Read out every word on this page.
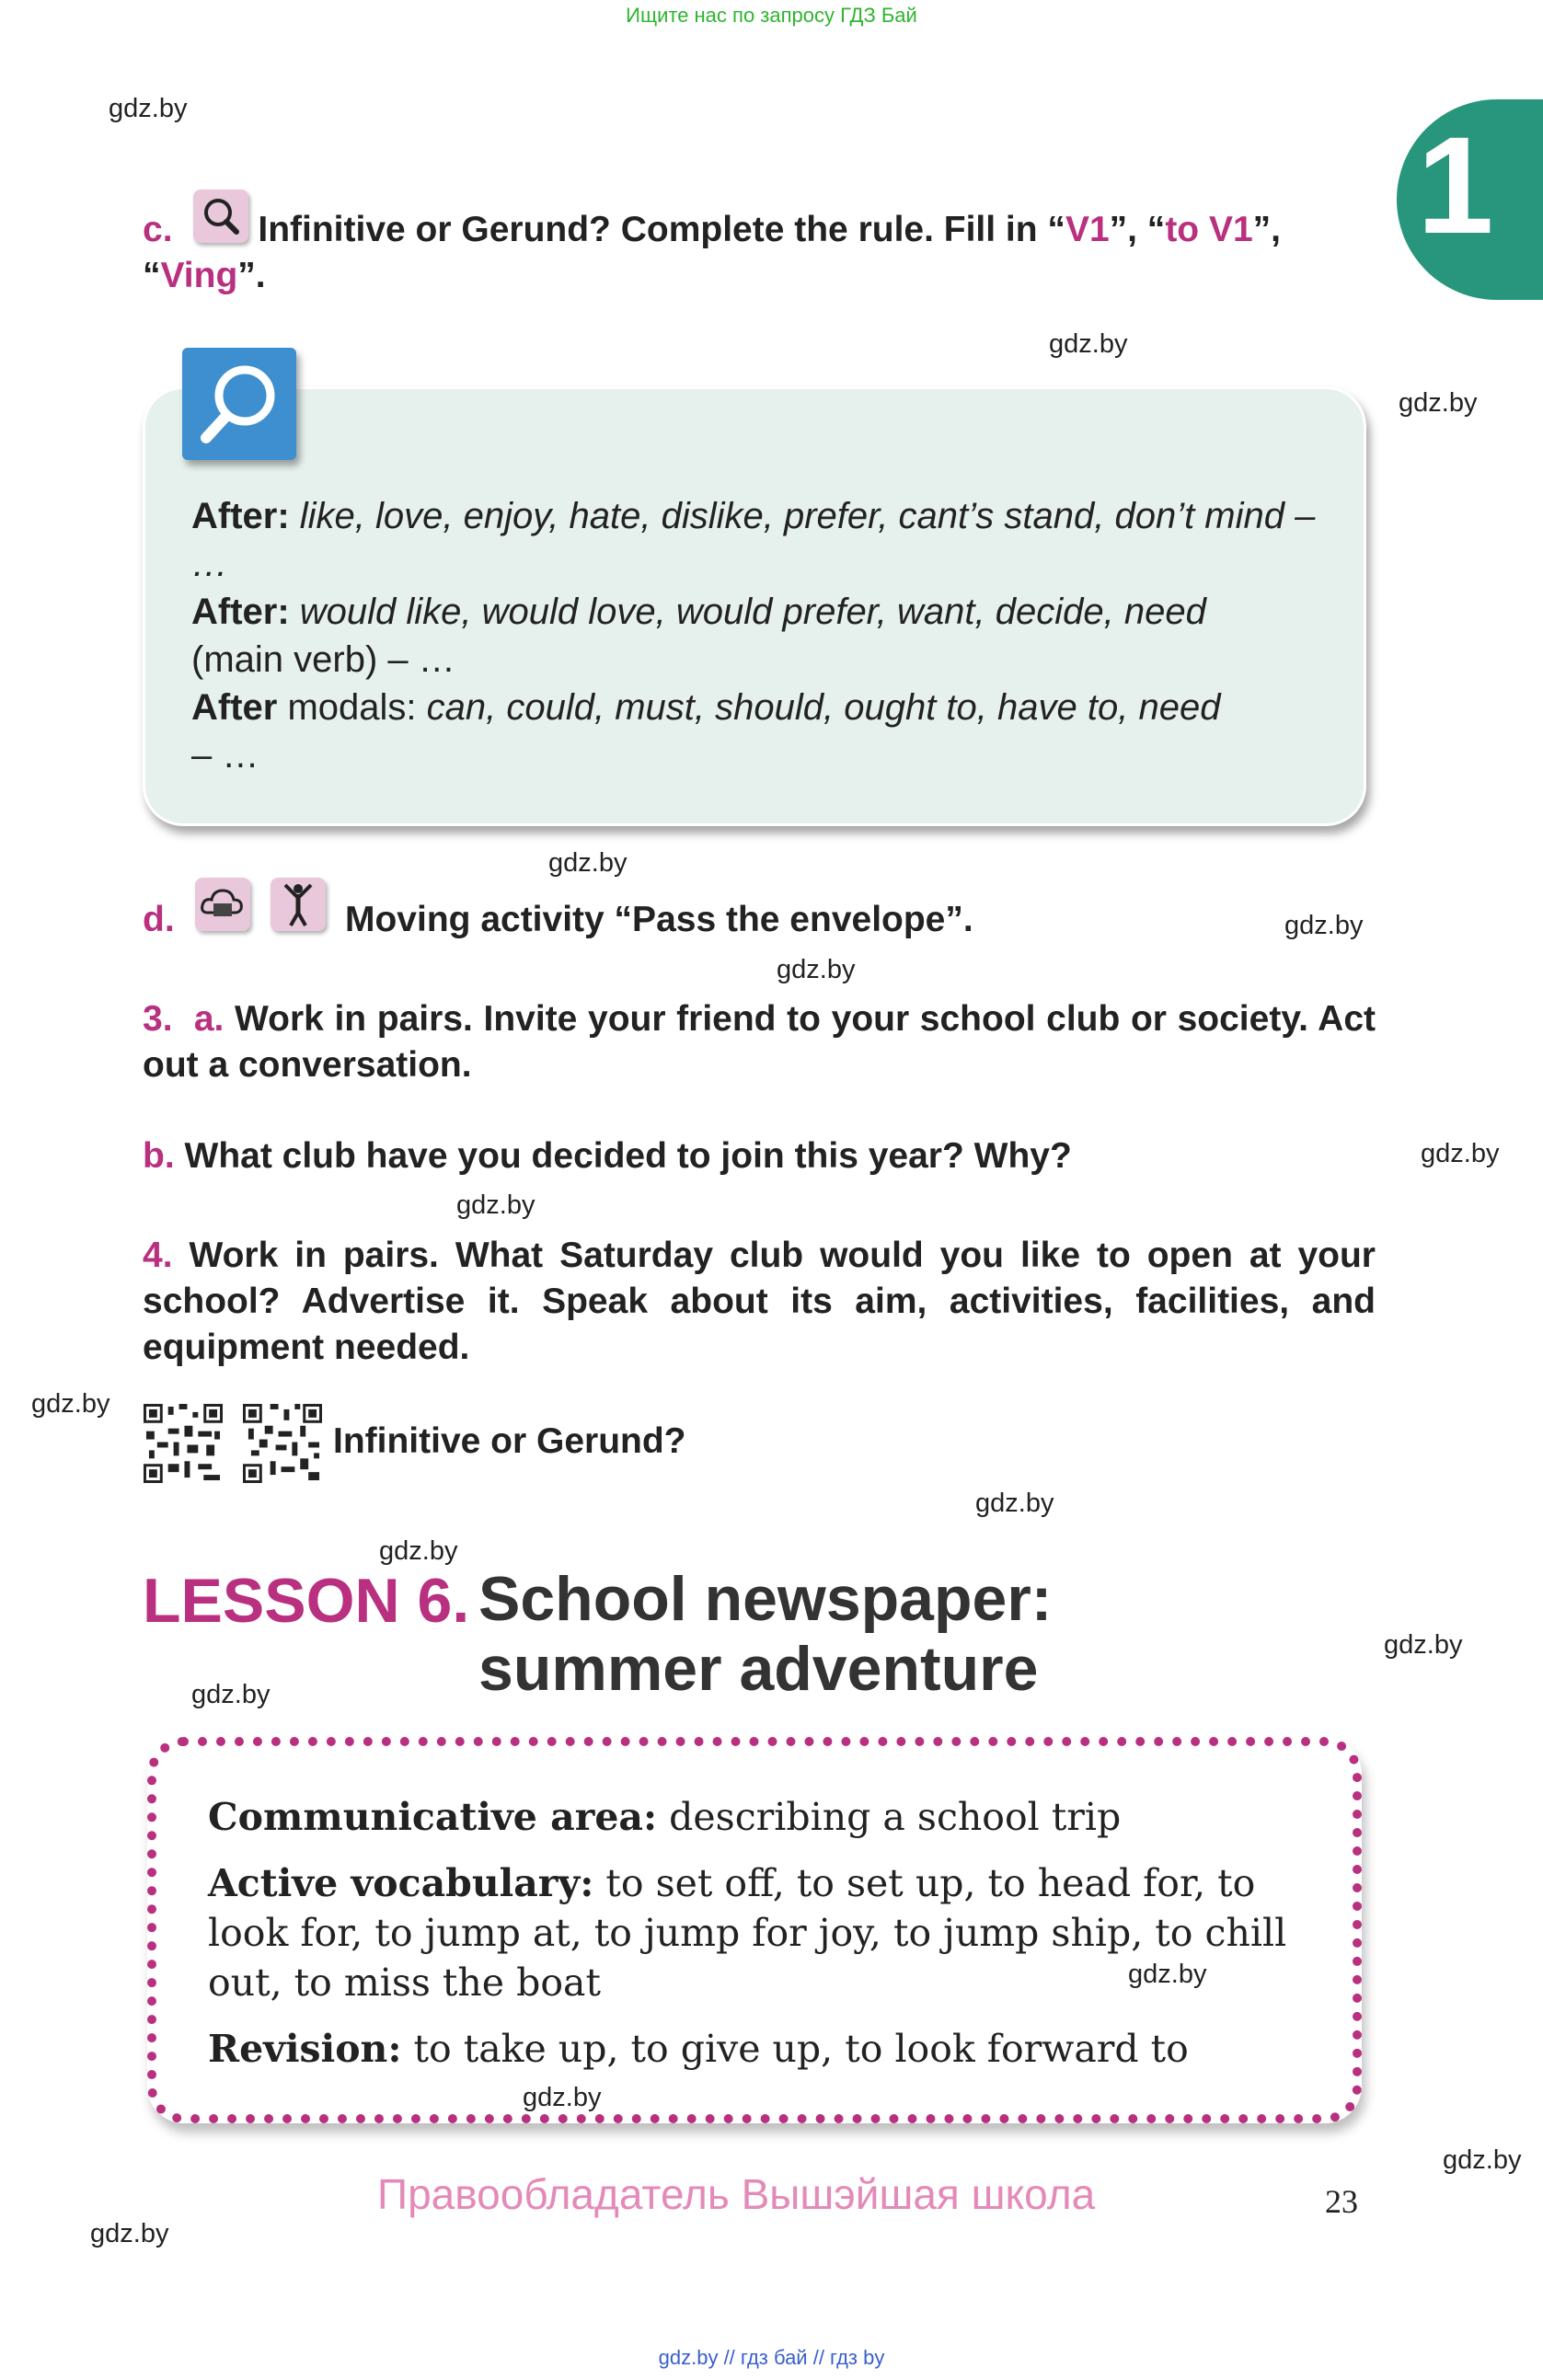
Ищите нас по запросу ГДЗ Бай
1
gdz.by
gdz.by
gdz.by
gdz.by
gdz.by
gdz.by
gdz.by
gdz.by
gdz.by
gdz.by
gdz.by
gdz.by
gdz.by
gdz.by
gdz.by
gdz.by
gdz.by
c. Infinitive or Gerund? Complete the rule. Fill in “V1”, “to V1”,
“Ving”.
After: like, love, enjoy, hate, dislike, prefer, cant’s stand, don’t mind – …
After: would like, would love, would prefer, want, decide, need
(main verb) – …
After modals: can, could, must, should, ought to, have to, need
– …
d.	Moving activity “Pass the envelope”.
3. a. Work in pairs. Invite your friend to your school club or society. Act out a conversation.
b. What club have you decided to join this year? Why?
4. Work in pairs. What Saturday club would you like to open at your school? Advertise it. Speak about its aim, activities, facilities, and equipment needed.
Infinitive or Gerund?
LESSON 6. School newspaper:
summer adventure

Communicative area: describing a school trip

Active vocabulary: to set off, to set up, to head for, to look for, to jump at, to jump for joy, to jump ship, to chill out, to miss the boat

Revision: to take up, to give up, to look forward to

Правообладатель Вышэйшая школа	23
gdz.by // гдз бай // гдз by
